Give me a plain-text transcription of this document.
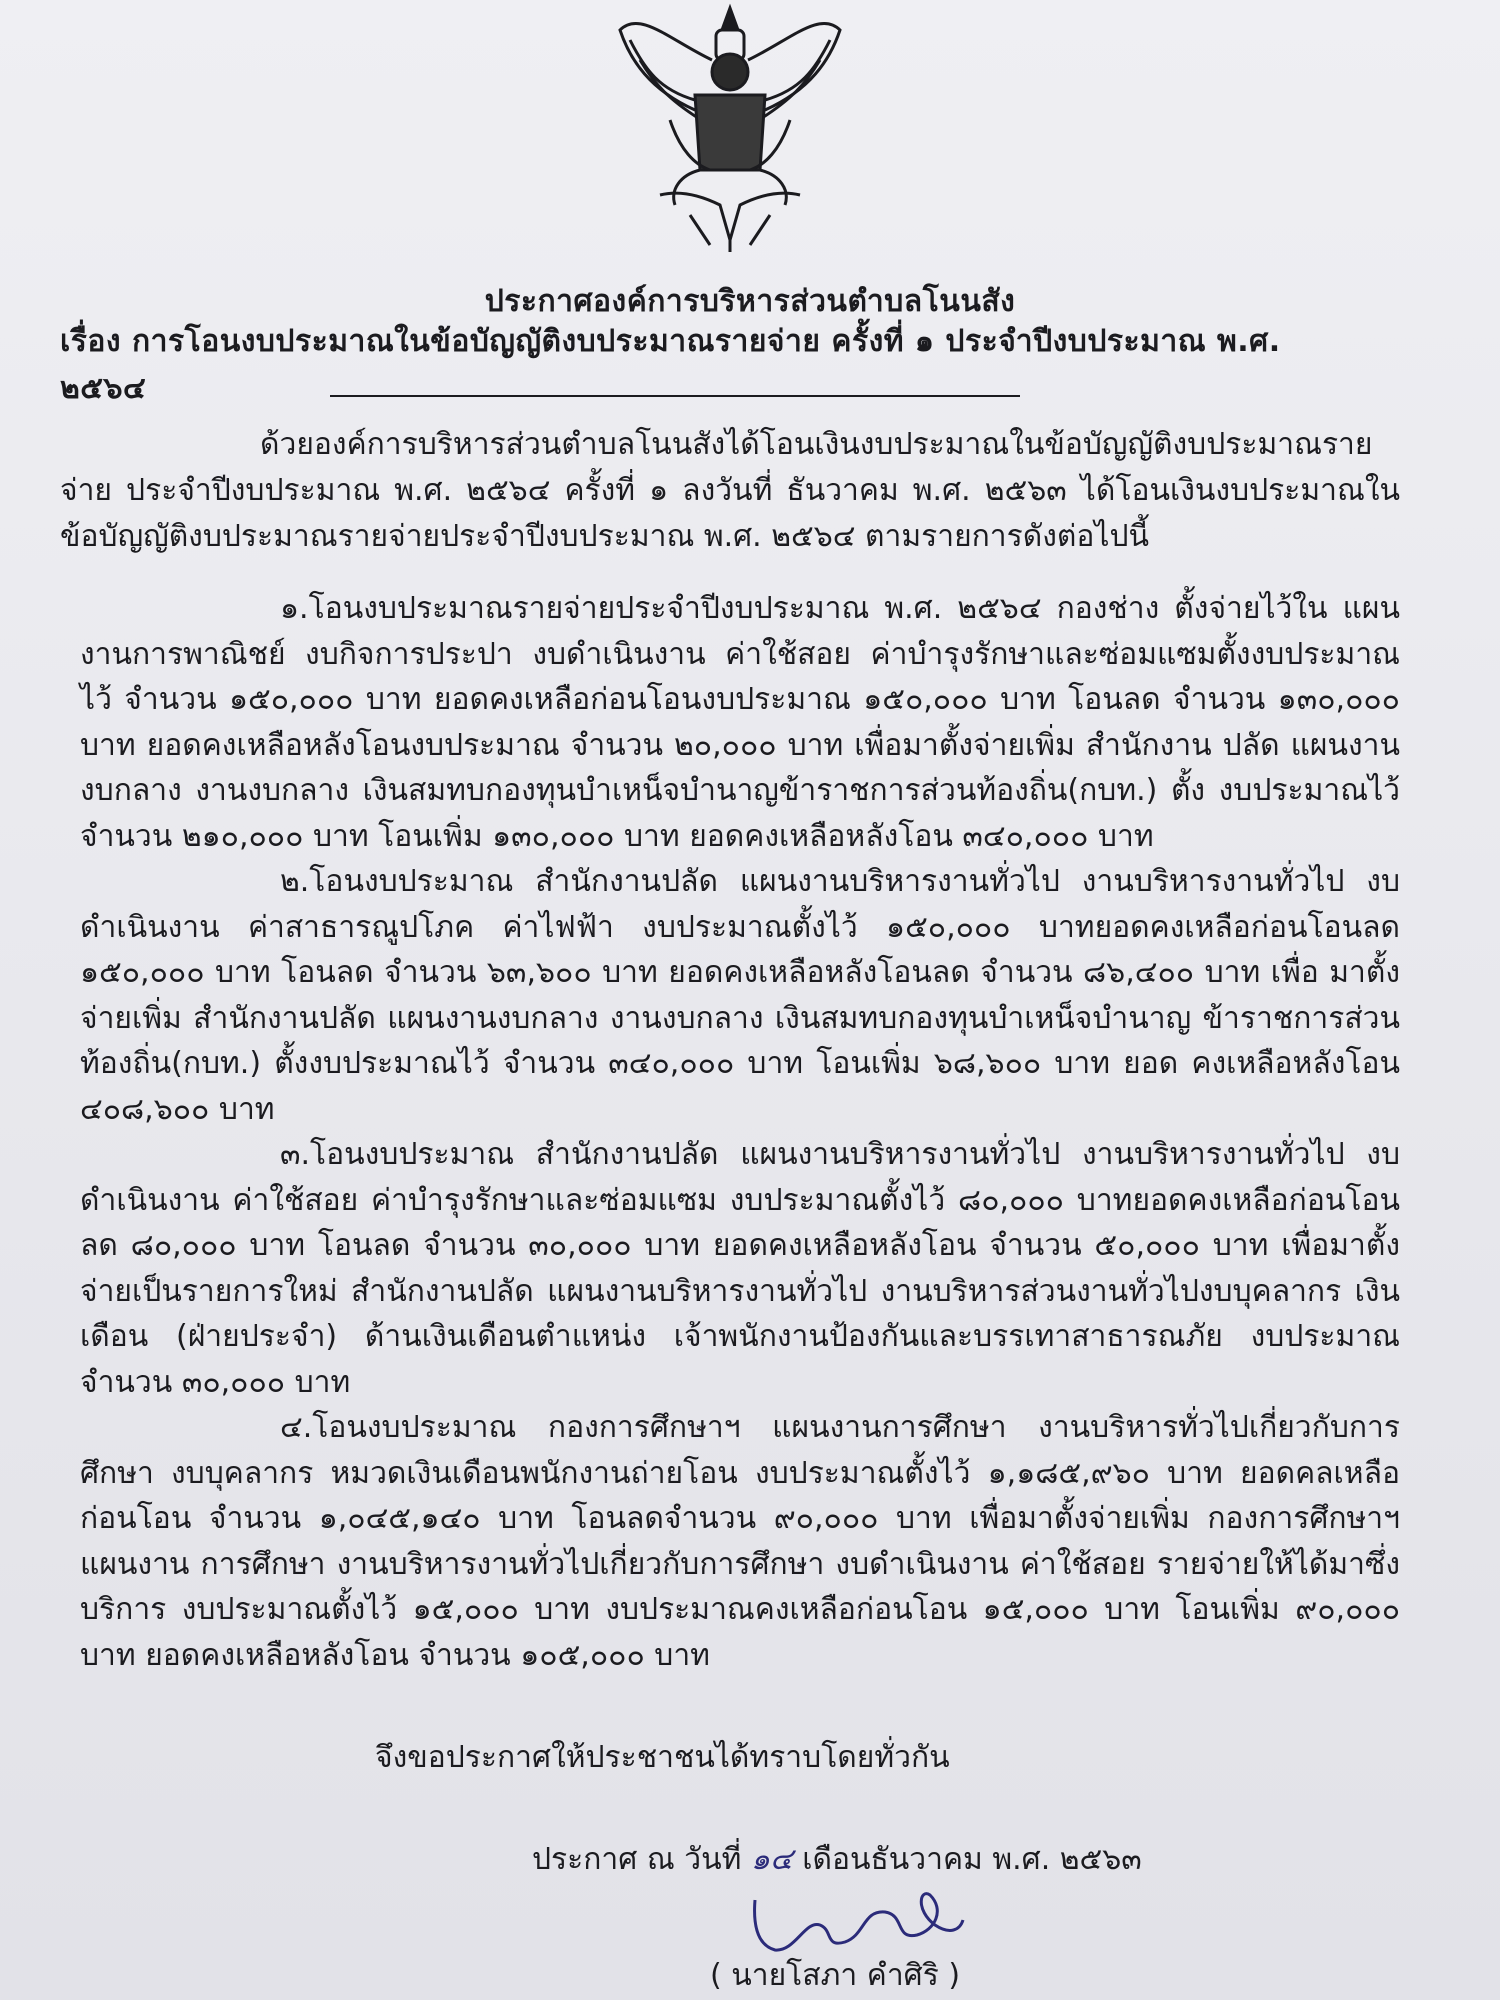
ประกาศองค์การบริหารส่วนตำบลโนนสัง
เรื่อง การโอนงบประมาณในข้อบัญญัติงบประมาณรายจ่าย ครั้งที่ ๑ ประจำปีงบประมาณ พ.ศ. ๒๕๖๔

ด้วยองค์การบริหารส่วนตำบลโนนสังได้โอนเงินงบประมาณในข้อบัญญัติงบประมาณรายจ่าย ประจำปีงบประมาณ พ.ศ. ๒๕๖๔ ครั้งที่ ๑ ลงวันที่ ธันวาคม พ.ศ. ๒๕๖๓ ได้โอนเงินงบประมาณใน ข้อบัญญัติงบประมาณรายจ่ายประจำปีงบประมาณ พ.ศ. ๒๕๖๔ ตามรายการดังต่อไปนี้

๑.โอนงบประมาณรายจ่ายประจำปีงบประมาณ พ.ศ. ๒๕๖๔ กองช่าง ตั้งจ่ายไว้ใน แผนงานการพาณิชย์ งบกิจการประปา งบดำเนินงาน ค่าใช้สอย ค่าบำรุงรักษาและซ่อมแซมตั้งงบประมาณ ไว้ จำนวน ๑๕๐,๐๐๐ บาท ยอดคงเหลือก่อนโอนงบประมาณ ๑๕๐,๐๐๐ บาท โอนลด จำนวน ๑๓๐,๐๐๐ บาท ยอดคงเหลือหลังโอนงบประมาณ จำนวน ๒๐,๐๐๐ บาท เพื่อมาตั้งจ่ายเพิ่ม สำนักงาน ปลัด แผนงานงบกลาง งานงบกลาง เงินสมทบกองทุนบำเหน็จบำนาญข้าราชการส่วนท้องถิ่น(กบท.) ตั้ง งบประมาณไว้ จำนวน ๒๑๐,๐๐๐ บาท โอนเพิ่ม ๑๓๐,๐๐๐ บาท ยอดคงเหลือหลังโอน ๓๔๐,๐๐๐ บาท

๒.โอนงบประมาณ สำนักงานปลัด แผนงานบริหารงานทั่วไป งานบริหารงานทั่วไป งบ ดำเนินงาน ค่าสาธารณูปโภค ค่าไฟฟ้า งบประมาณตั้งไว้ ๑๕๐,๐๐๐ บาทยอดคงเหลือก่อนโอนลด ๑๕๐,๐๐๐ บาท โอนลด จำนวน ๖๓,๖๐๐ บาท ยอดคงเหลือหลังโอนลด จำนวน ๘๖,๔๐๐ บาท เพื่อ มาตั้งจ่ายเพิ่ม สำนักงานปลัด แผนงานงบกลาง งานงบกลาง เงินสมทบกองทุนบำเหน็จบำนาญ ข้าราชการส่วนท้องถิ่น(กบท.) ตั้งงบประมาณไว้ จำนวน ๓๔๐,๐๐๐ บาท โอนเพิ่ม ๖๘,๖๐๐ บาท ยอด คงเหลือหลังโอน ๔๐๘,๖๐๐ บาท

๓.โอนงบประมาณ สำนักงานปลัด แผนงานบริหารงานทั่วไป งานบริหารงานทั่วไป งบ ดำเนินงาน ค่าใช้สอย ค่าบำรุงรักษาและซ่อมแซม งบประมาณตั้งไว้ ๘๐,๐๐๐ บาทยอดคงเหลือก่อนโอนลด ๘๐,๐๐๐ บาท โอนลด จำนวน ๓๐,๐๐๐ บาท ยอดคงเหลือหลังโอน จำนวน ๕๐,๐๐๐ บาท เพื่อมาตั้ง จ่ายเป็นรายการใหม่ สำนักงานปลัด แผนงานบริหารงานทั่วไป งานบริหารส่วนงานทั่วไปงบบุคลากร เงินเดือน (ฝ่ายประจำ) ด้านเงินเดือนตำแหน่ง เจ้าพนักงานป้องกันและบรรเทาสาธารณภัย งบประมาณ จำนวน ๓๐,๐๐๐ บาท

๔.โอนงบประมาณ กองการศึกษาฯ แผนงานการศึกษา งานบริหารทั่วไปเกี่ยวกับการศึกษา งบบุคลากร หมวดเงินเดือนพนักงานถ่ายโอน งบประมาณตั้งไว้ ๑,๑๘๕,๙๖๐ บาท ยอดคลเหลือก่อนโอน จำนวน ๑,๐๔๕,๑๔๐ บาท โอนลดจำนวน ๙๐,๐๐๐ บาท เพื่อมาตั้งจ่ายเพิ่ม กองการศึกษาฯ แผนงาน การศึกษา งานบริหารงานทั่วไปเกี่ยวกับการศึกษา งบดำเนินงาน ค่าใช้สอย รายจ่ายให้ได้มาซึ่งบริการ งบประมาณตั้งไว้ ๑๕,๐๐๐ บาท งบประมาณคงเหลือก่อนโอน ๑๕,๐๐๐ บาท โอนเพิ่ม ๙๐,๐๐๐ บาท ยอดคงเหลือหลังโอน จำนวน ๑๐๕,๐๐๐ บาท

จึงขอประกาศให้ประชาชนได้ทราบโดยทั่วกัน
ประกาศ ณ วันที่ ๑๔ เดือนธันวาคม พ.ศ. ๒๕๖๓
( นายโสภา คำศิริ )
